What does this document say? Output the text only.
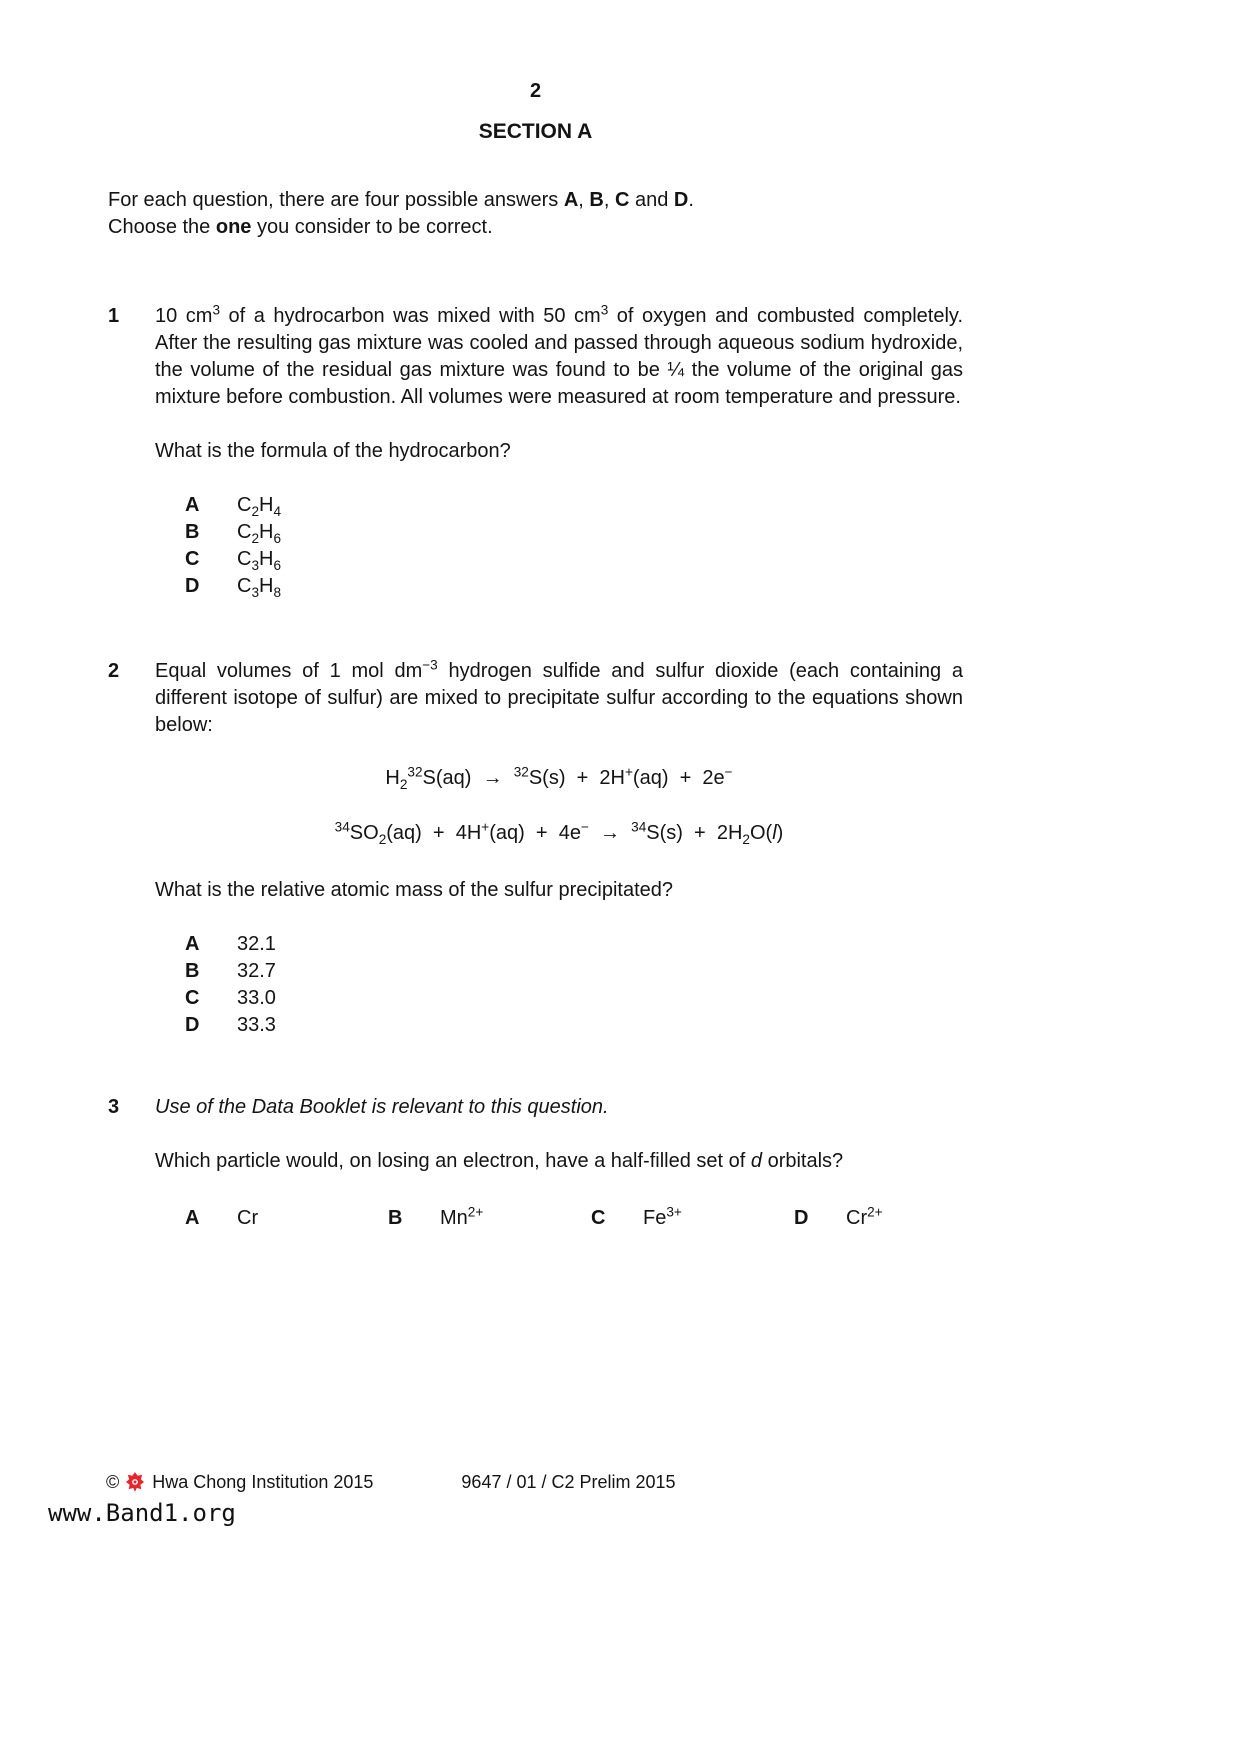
2
SECTION A

For each question, there are four possible answers A, B, C and D.

Choose the one you consider to be correct.

1	10 $cm^3$ of a hydrocarbon was mixed with 50 $cm^3$ of oxygen and combusted completely. After the resulting gas mixture was cooled and passed through aqueous sodium hydroxide, the volume of the residual gas mixture was found to be ¼ the volume of the original gas mixture before combustion. All volumes were measured at room temperature and pressure.

What is the formula of the hydrocarbon?

A	$C_2H_4$
B	$C_2H_6$
C	$C_3H_6$
D	$C_3H_8$
2	Equal volumes of 1 mol $dm^{-3}$ hydrogen sulfide and sulfur dioxide (each containing a different isotope of sulfur) are mixed to precipitate sulfur according to the equations shown below:

$H_2^{32}S(aq) \to ^{32}S(s) + 2H^+(aq) + 2e^-$
$^{34}SO_2(aq) + 4H^+(aq) + 4e^- \to ^{34}S(s) + 2H_2O(l)$

What is the relative atomic mass of the sulfur precipitated?

A	32.1
B	32.7
C	33.0
D	33.3
3	Use of the Data Booklet is relevant to this question.

Which particle would, on losing an electron, have a half-filled set of d orbitals?

A	Cr	B	$Mn^{2+}$	C	$Fe^{3+}$	D	$Cr^{2+}$
© Hwa Chong Institution 2015	9647 / 01 / C2 Prelim 2015
www.Band1.org
